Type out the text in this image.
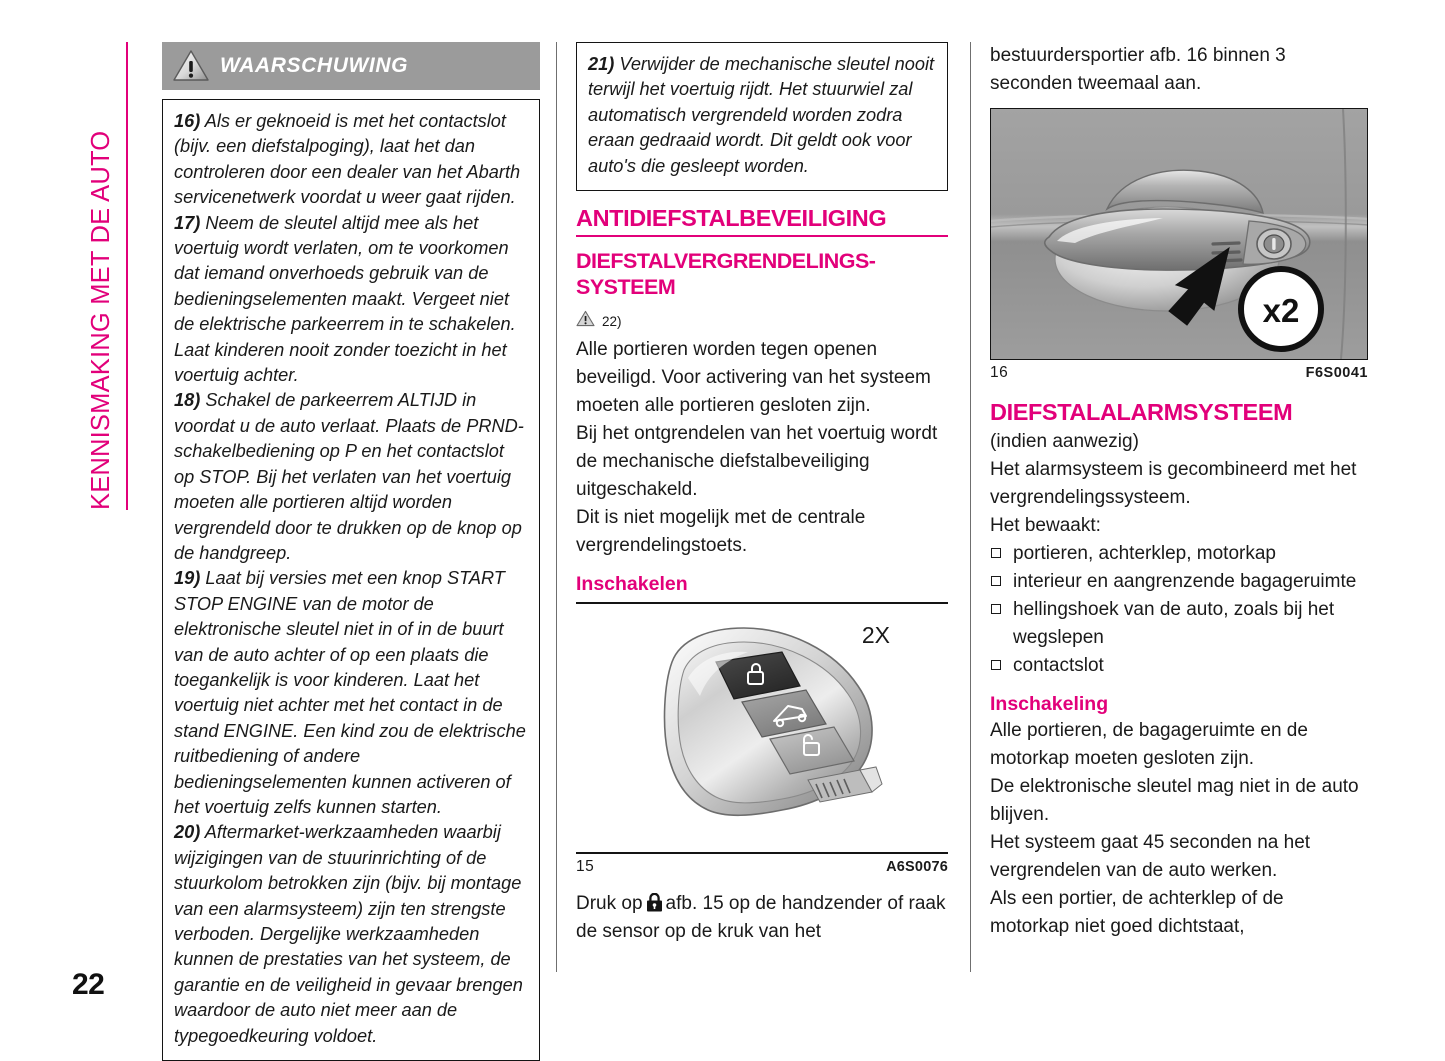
KENNISMAKING MET DE AUTO
22
WAARSCHUWING

16) Als er geknoeid is met het contactslot (bijv. een diefstalpoging), laat het dan controleren door een dealer van het Abarth servicenetwerk voordat u weer gaat rijden.

17) Neem de sleutel altijd mee als het voertuig wordt verlaten, om te voorkomen dat iemand onverhoeds gebruik van de bedieningselementen maakt. Vergeet niet de elektrische parkeerrem in te schakelen. Laat kinderen nooit zonder toezicht in het voertuig achter.

18) Schakel de parkeerrem ALTIJD in voordat u de auto verlaat. Plaats de PRND-schakelbediening op P en het contactslot op STOP. Bij het verlaten van het voertuig moeten alle portieren altijd worden vergrendeld door te drukken op de knop op de handgreep.

19) Laat bij versies met een knop START STOP ENGINE van de motor de elektronische sleutel niet in of in de buurt van de auto achter of op een plaats die toegankelijk is voor kinderen. Laat het voertuig niet achter met het contact in de stand ENGINE. Een kind zou de elektrische ruitbediening of andere bedieningselementen kunnen activeren of het voertuig zelfs kunnen starten.

20) Aftermarket-werkzaamheden waarbij wijzigingen van de stuurinrichting of de stuurkolom betrokken zijn (bijv. bij montage van een alarmsysteem) zijn ten strengste verboden. Dergelijke werkzaamheden kunnen de prestaties van het systeem, de garantie en de veiligheid in gevaar brengen waardoor de auto niet meer aan de typegoedkeuring voldoet.

21) Verwijder de mechanische sleutel nooit terwijl het voertuig rijdt. Het stuurwiel zal automatisch vergrendeld worden zodra eraan gedraaid wordt. Dit geldt ook voor auto's die gesleept worden.

ANTIDIEFSTALBEVEILIGING
DIEFSTALVERGRENDELINGS-SYSTEEM
22)

Alle portieren worden tegen openen beveiligd. Voor activering van het systeem moeten alle portieren gesloten zijn.

Bij het ontgrendelen van het voertuig wordt de mechanische diefstalbeveiliging uitgeschakeld.

Dit is niet mogelijk met de centrale vergrendelingstoets.

Inschakelen
2X
15	A6S0076

Druk op afb. 15 op de handzender of raak de sensor op de kruk van het

bestuurdersportier afb. 16 binnen 3 seconden tweemaal aan.

x2
16	F6S0041
DIEFSTALALARMSYSTEEM

(indien aanwezig)

Het alarmsysteem is gecombineerd met het vergrendelingssysteem.

Het bewaakt:

portieren, achterklep, motorkap
interieur en aangrenzende bagageruimte
hellingshoek van de auto, zoals bij het wegslepen
contactslot
Inschakeling

Alle portieren, de bagageruimte en de motorkap moeten gesloten zijn.

De elektronische sleutel mag niet in de auto blijven.

Het systeem gaat 45 seconden na het vergrendelen van de auto werken.

Als een portier, de achterklep of de motorkap niet goed dichtstaat,
